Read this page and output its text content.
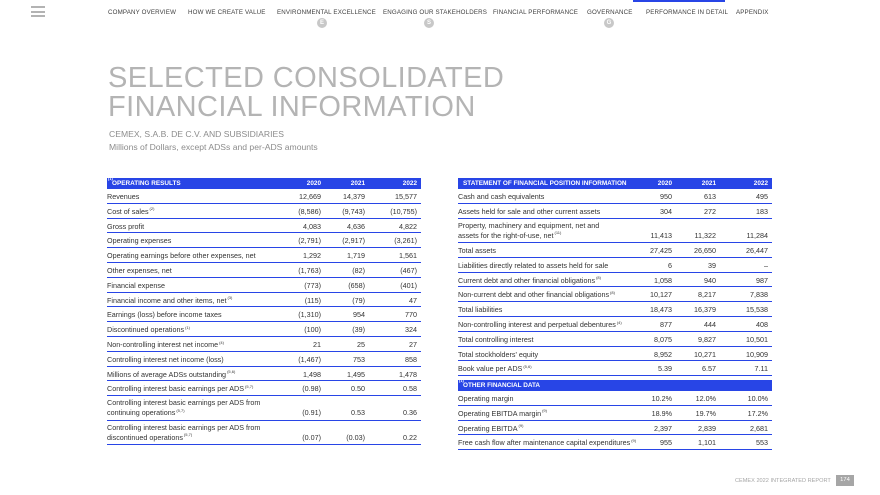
COMPANY OVERVIEW HOW WE CREATE VALUE ENVIRONMENTAL EXCELLENCE ENGAGING OUR STAKEHOLDERS FINANCIAL PERFORMANCE GOVERNANCE PERFORMANCE IN DETAIL APPENDIX
E	S	G
SELECTED CONSOLIDATED
FINANCIAL INFORMATION
CEMEX, S.A.B. DE C.V. AND SUBSIDIARIES
Millions of Dollars, except ADSs and per-ADS amounts
OPERATING RESULTS
$^{(1)}$
2020	2021	2022
Revenues	12,669	14,379	15,577
Cost of sales$^{(2)}$	(8,586)	(9,743)	(10,755)
Gross profit	4,083	4,636	4,822
Operating expenses	(2,791)	(2,917)	(3,261)
Operating earnings before other expenses, net	1,292	1,719	1,561
Other expenses, net	(1,763)	(82)	(467)
Financial expense	(773)	(658)	(401)
Financial income and other items, net$^{(3)}$	(115)	(79)	47
Earnings (loss) before income taxes	(1,310)	954	770
Discontinued operations$^{(1)}$	(100)	(39)	324
Non-controlling interest net income$^{(4)}$	21	25	27
Controlling interest net income (loss)	(1,467)	753	858
Millions of average ADSs outstanding$^{(5,6)}$	1,498	1,495	1,478
Controlling interest basic earnings per ADS$^{(5,7)}$	(0.98)	0.50	0.58
Controlling interest basic earnings per ADS from
continuing operations$^{(5,7)}$	(0.91)	0.53	0.36
Controlling interest basic earnings per ADS from
discontinued operations$^{(5,7)}$	(0.07)	(0.03)	0.22
STATEMENT OF FINANCIAL POSITION INFORMATION	2020	2021	2022
Cash and cash equivalents	950	613	495
Assets held for sale and other current assets	304	272	183
Property, machinery and equipment, net and
assets for the right-of-use, net$^{(11)}$	11,413	11,322	11,284
Total assets	27,425	26,650	26,447
Liabilities directly related to assets held for sale	6	39	–
Current debt and other financial obligations$^{(8)}$	1,058	940	987
Non-current debt and other financial obligations$^{(8)}$	10,127	8,217	7,838
Total liabilities	18,473	16,379	15,538
Non-controlling interest and perpetual debentures$^{(4)}$	877	444	408
Total controlling interest	8,075	9,827	10,501
Total stockholders' equity	8,952	10,271	10,909
Book value per ADS$^{(5,6)}$	5.39	6.57	7.11
OTHER FINANCIAL DATA
$^{(1)}$
Operating margin	10.2%	12.0%	10.0%
Operating EBITDA margin$^{(9)}$	18.9%	19.7%	17.2%
Operating EBITDA$^{(9)}$	2,397	2,839	2,681
Free cash flow after maintenance capital expenditures$^{(9)}$	955	1,101	553
CEMEX 2022 INTEGRATED REPORT	174
